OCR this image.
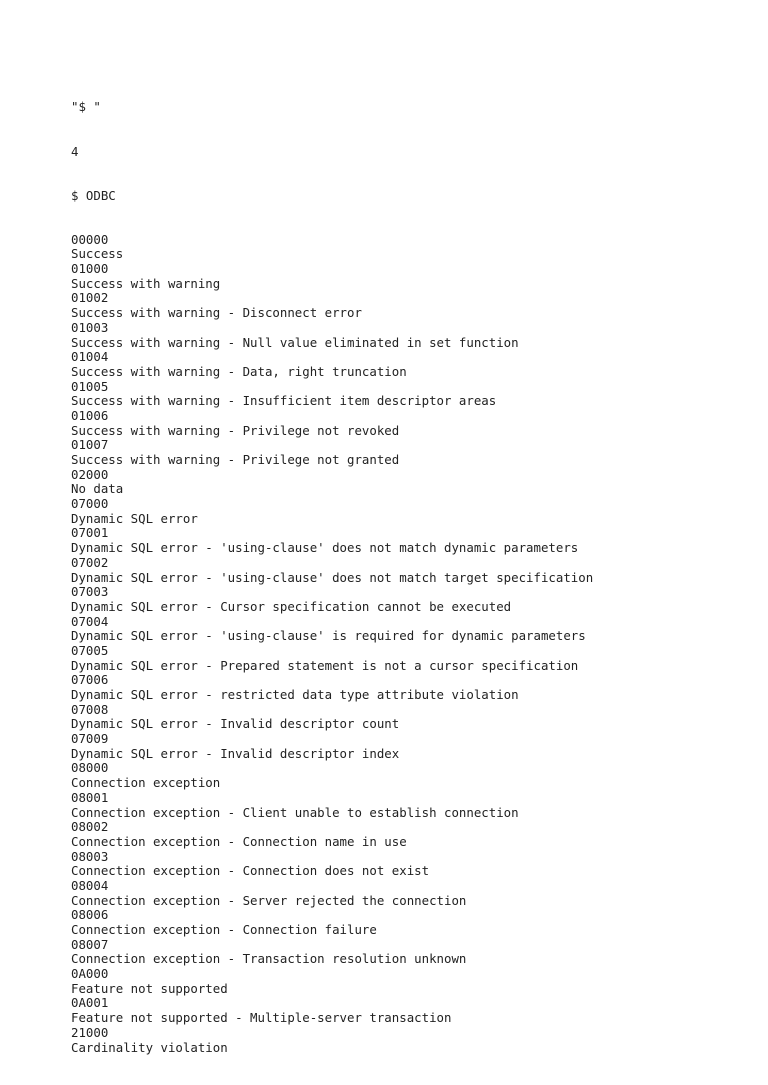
"$ "

4

$ ODBC

00000
Success
01000
Success with warning
01002
Success with warning - Disconnect error
01003
Success with warning - Null value eliminated in set function
01004
Success with warning - Data, right truncation
01005
Success with warning - Insufficient item descriptor areas
01006
Success with warning - Privilege not revoked
01007
Success with warning - Privilege not granted
02000
No data
07000
Dynamic SQL error
07001
Dynamic SQL error - 'using-clause' does not match dynamic parameters
07002
Dynamic SQL error - 'using-clause' does not match target specification
07003
Dynamic SQL error - Cursor specification cannot be executed
07004
Dynamic SQL error - 'using-clause' is required for dynamic parameters
07005
Dynamic SQL error - Prepared statement is not a cursor specification
07006
Dynamic SQL error - restricted data type attribute violation
07008
Dynamic SQL error - Invalid descriptor count
07009
Dynamic SQL error - Invalid descriptor index
08000
Connection exception
08001
Connection exception - Client unable to establish connection
08002
Connection exception - Connection name in use
08003
Connection exception - Connection does not exist
08004
Connection exception - Server rejected the connection
08006
Connection exception - Connection failure
08007
Connection exception - Transaction resolution unknown
0A000
Feature not supported
0A001
Feature not supported - Multiple-server transaction
21000
Cardinality violation
